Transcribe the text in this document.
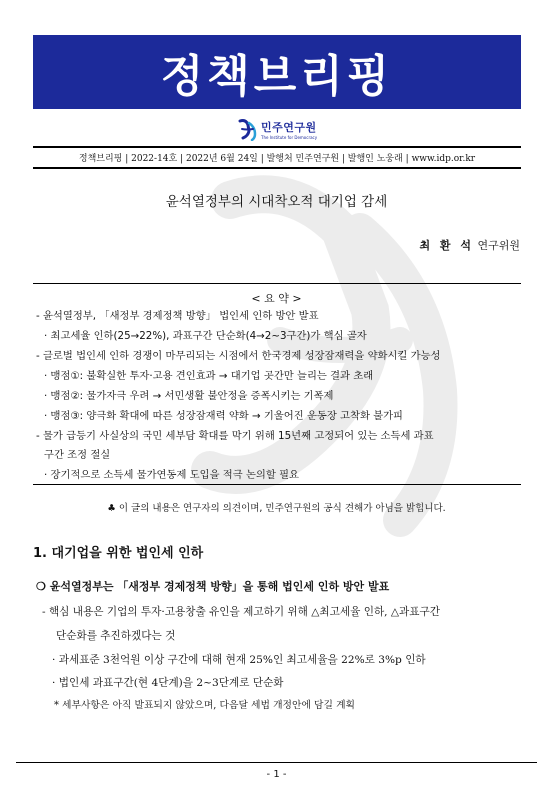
정책브리핑
민주연구원
The Institute for Democracy
정책브리핑 | 2022-14호 | 2022년 6월 24일 | 발행처 민주연구원 | 발행인 노웅래 | www.idp.or.kr
윤석열정부의 시대착오적 대기업 감세
최 환 석 연구위원
< 요 약 >
- 윤석열정부, 「새정부 경제정책 방향」 법인세 인하 방안 발표
· 최고세율 인하(25→22%), 과표구간 단순화(4→2~3구간)가 핵심 골자
- 글로벌 법인세 인하 경쟁이 마무리되는 시점에서 한국경제 성장잠재력을 약화시킬 가능성
· 맹점①: 불확실한 투자·고용 견인효과 → 대기업 곳간만 늘리는 결과 초래
· 맹점②: 물가자극 우려 → 서민생활 불안정을 증폭시키는 기폭제
· 맹점③: 양극화 확대에 따른 성장잠재력 약화 → 기울어진 운동장 고착화 불가피
- 물가 급등기 사실상의 국민 세부담 확대를 막기 위해 15년째 고정되어 있는 소득세 과표
구간 조정 절실
· 장기적으로 소득세 물가연동제 도입을 적극 논의할 필요
♣ 이 글의 내용은 연구자의 의견이며, 민주연구원의 공식 견해가 아님을 밝힙니다.
1. 대기업을 위한 법인세 인하
❍ 윤석열정부는 「새정부 경제정책 방향」을 통해 법인세 인하 방안 발표
- 핵심 내용은 기업의 투자·고용창출 유인을 제고하기 위해 △최고세율 인하, △과표구간
단순화를 추진하겠다는 것
· 과세표준 3천억원 이상 구간에 대해 현재 25%인 최고세율을 22%로 3%p 인하
· 법인세 과표구간(현 4단계)을 2~3단계로 단순화
* 세부사항은 아직 발표되지 않았으며, 다음달 세법 개정안에 담길 계획
- 1 -
